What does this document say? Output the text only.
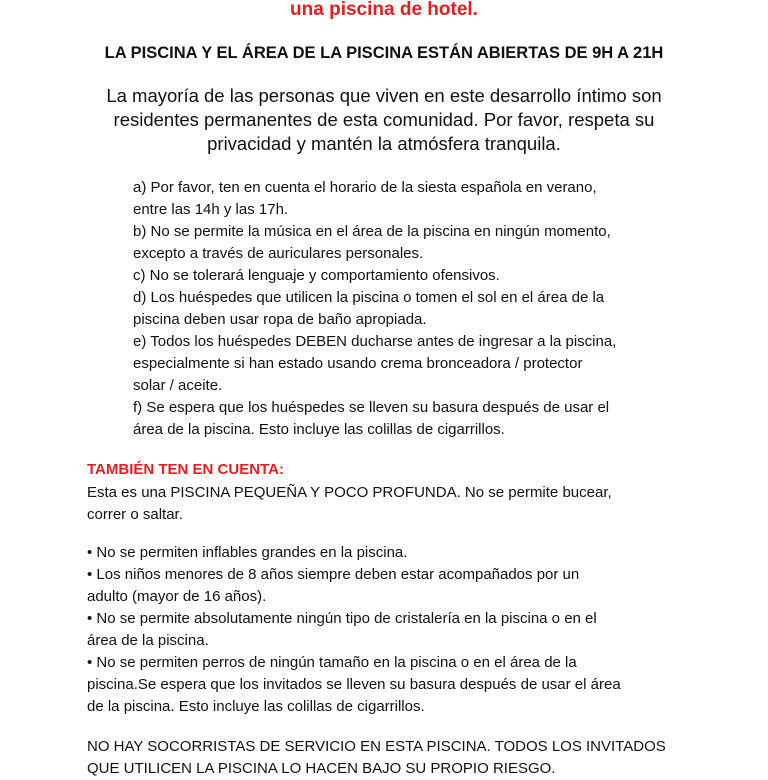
una piscina de hotel.
LA PISCINA Y EL ÁREA DE LA PISCINA ESTÁN ABIERTAS DE 9H A 21H
La mayoría de las personas que viven en este desarrollo íntimo son
residentes permanentes de esta comunidad. Por favor, respeta su
privacidad y mantén la atmósfera tranquila.
a) Por favor, ten en cuenta el horario de la siesta española en verano,
entre las 14h y las 17h.
b) No se permite la música en el área de la piscina en ningún momento,
excepto a través de auriculares personales.
c) No se tolerará lenguaje y comportamiento ofensivos.
d) Los huéspedes que utilicen la piscina o tomen el sol en el área de la
piscina deben usar ropa de baño apropiada.
e) Todos los huéspedes DEBEN ducharse antes de ingresar a la piscina,
especialmente si han estado usando crema bronceadora / protector
solar / aceite.
f) Se espera que los huéspedes se lleven su basura después de usar el
área de la piscina. Esto incluye las colillas de cigarrillos.
TAMBIÉN TEN EN CUENTA:
Esta es una PISCINA PEQUEÑA Y POCO PROFUNDA. No se permite bucear,
correr o saltar.
• No se permiten inflables grandes en la piscina.
• Los niños menores de 8 años siempre deben estar acompañados por un
adulto (mayor de 16 años).
• No se permite absolutamente ningún tipo de cristalería en la piscina o en el
área de la piscina.
• No se permiten perros de ningún tamaño en la piscina o en el área de la
piscina.Se espera que los invitados se lleven su basura después de usar el área
de la piscina. Esto incluye las colillas de cigarrillos.
NO HAY SOCORRISTAS DE SERVICIO EN ESTA PISCINA. TODOS LOS INVITADOS
QUE UTILICEN LA PISCINA LO HACEN BAJO SU PROPIO RIESGO.
